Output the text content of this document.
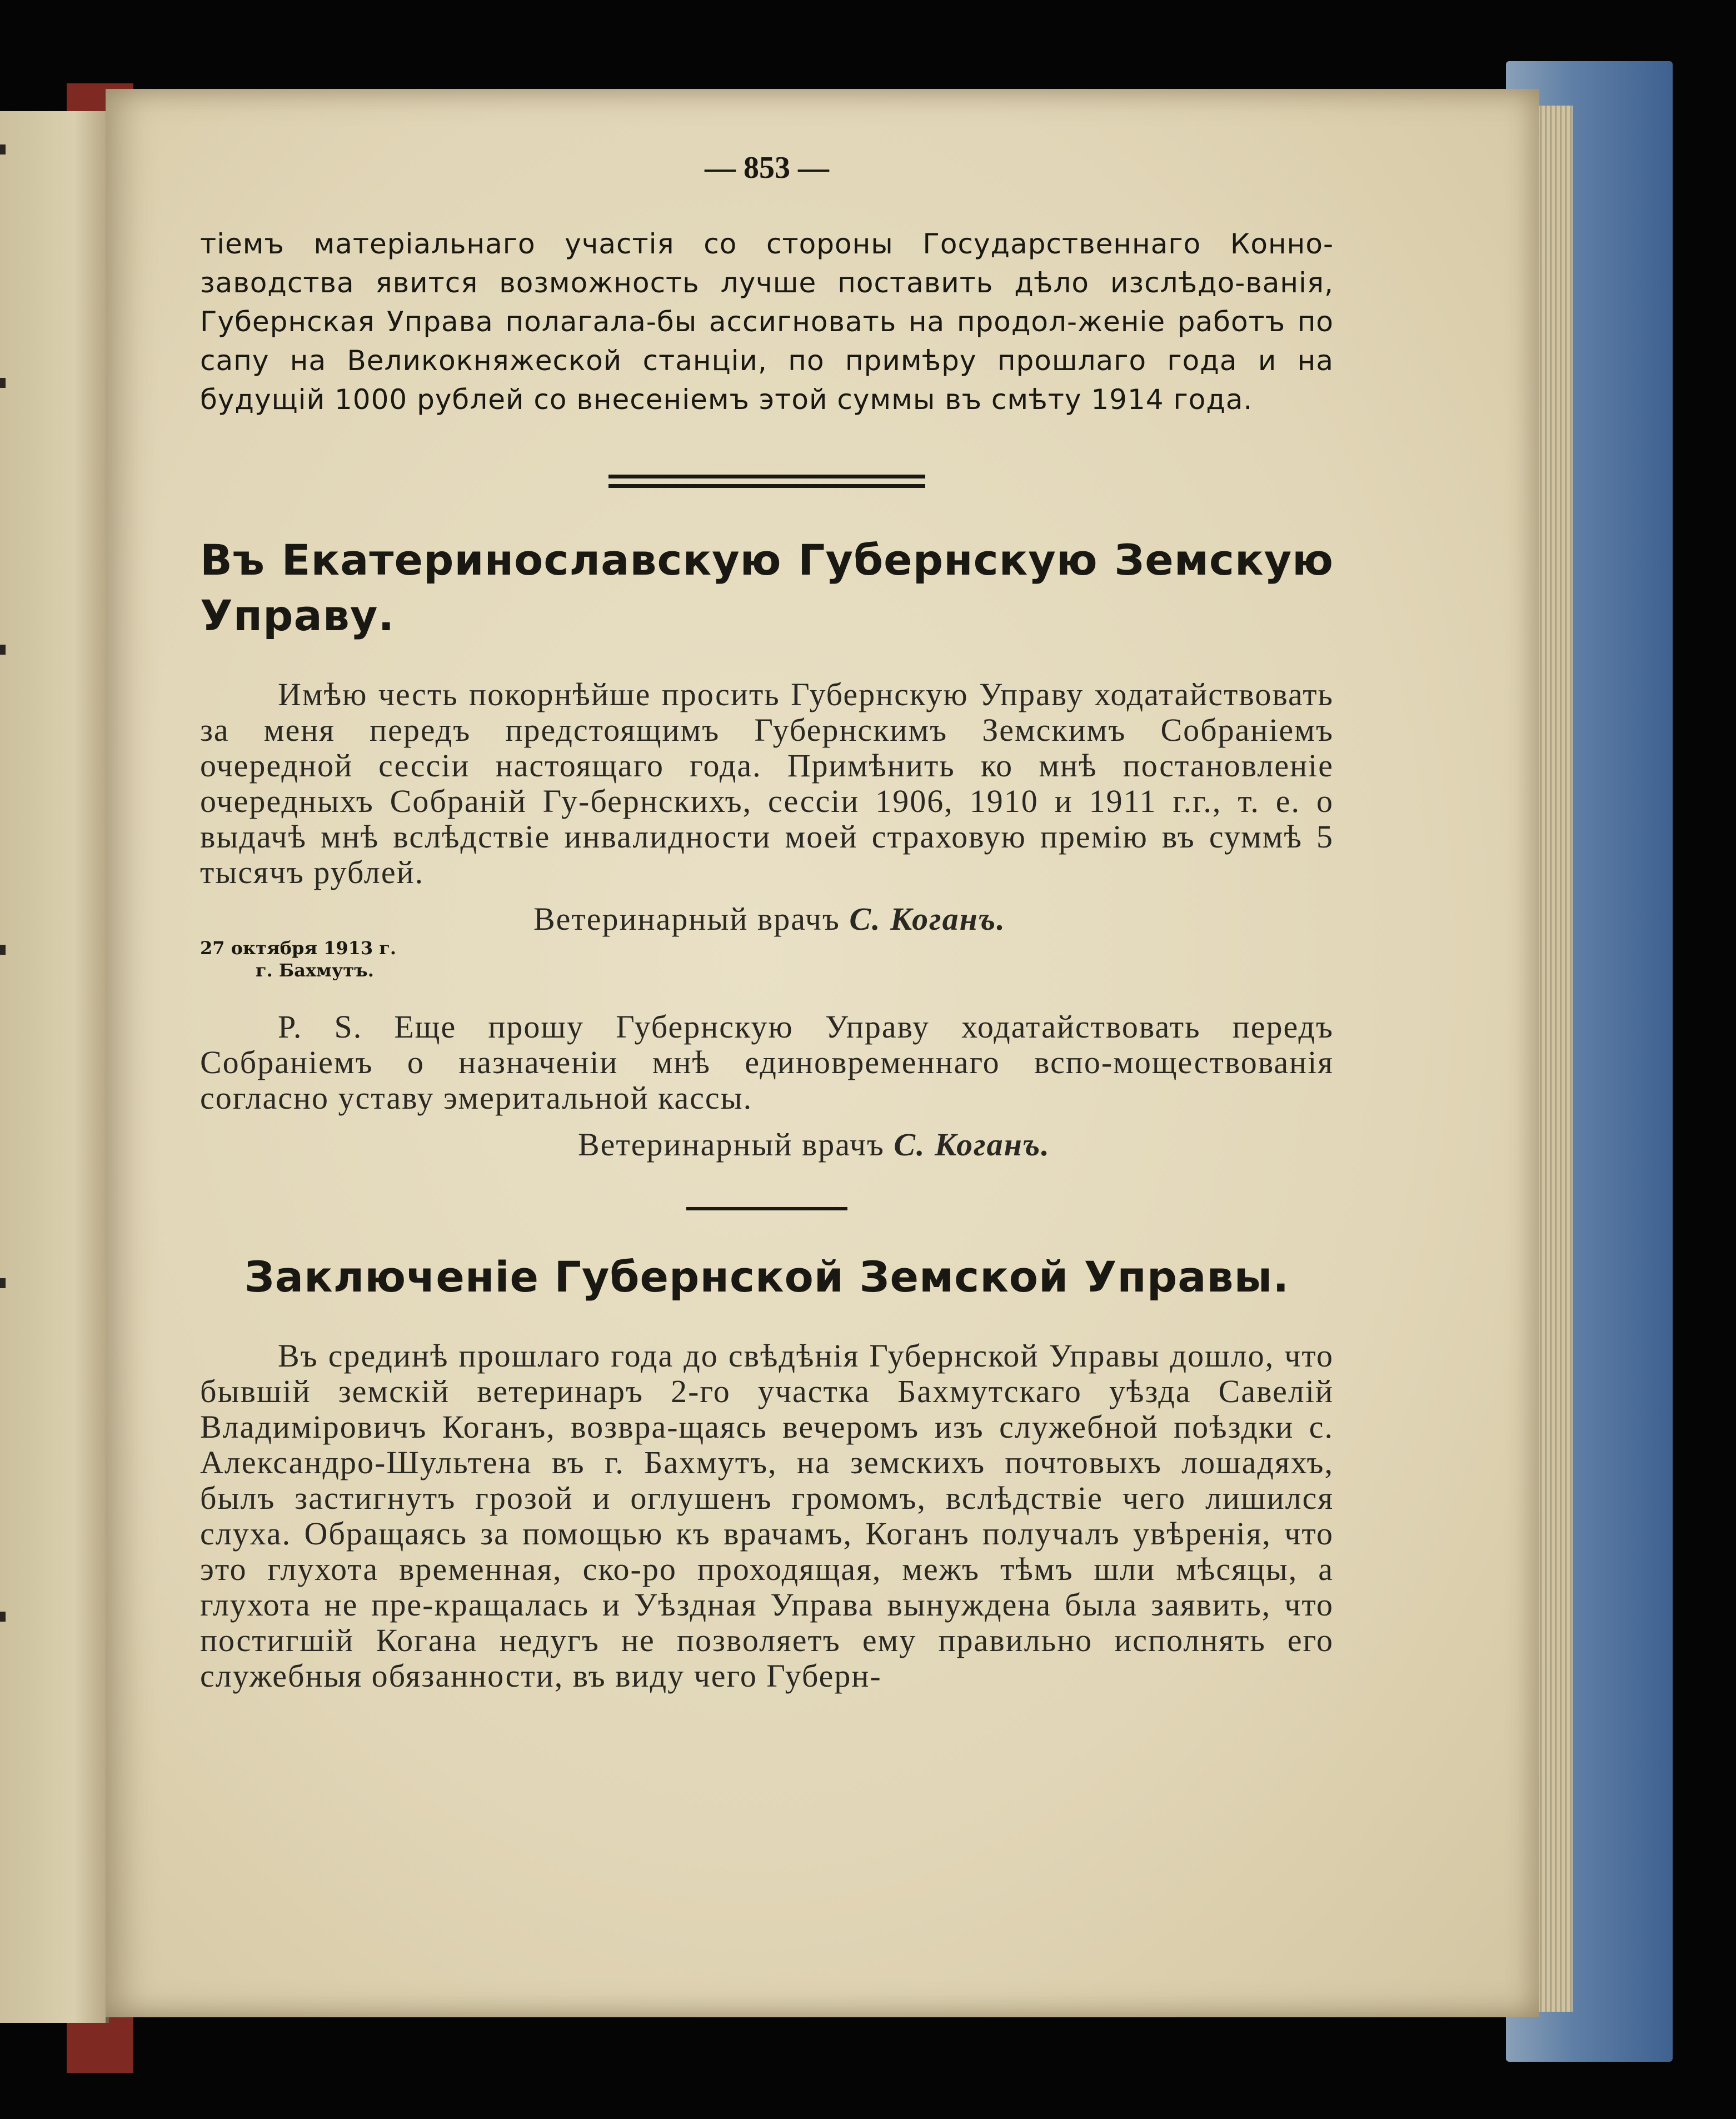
— 853 —

тіемъ матеріальнаго участія со стороны Государственнаго Конно-заводства явится возможность лучше поставить дѣло изслѣдо-ванія, Губернская Управа полагала-бы ассигновать на продол-женіе работъ по сапу на Великокняжеской станціи, по примѣру прошлаго года и на будущій 1000 рублей со внесеніемъ этой суммы въ смѣту 1914 года.

Въ Екатеринославскую Губернскую Земскую Управу.

Имѣю честь покорнѣйше просить Губернскую Управу ходатайствовать за меня передъ предстоящимъ Губернскимъ Земскимъ Собраніемъ очередной сессіи настоящаго года. Примѣнить ко мнѣ постановленіе очередныхъ Собраній Гу-бернскихъ, сессіи 1906, 1910 и 1911 г.г., т. е. о выдачѣ мнѣ вслѣдствіе инвалидности моей страховую премію въ суммѣ 5 тысячъ рублей.

Ветеринарный врачъ С. Коганъ.

27 октября 1913 г.
г. Бахмутъ.

P. S. Еще прошу Губернскую Управу ходатайствовать передъ Собраніемъ о назначеніи мнѣ единовременнаго вспо-моществованія согласно уставу эмеритальной кассы.

Ветеринарный врачъ С. Коганъ.

Заключеніе Губернской Земской Управы.

Въ срединѣ прошлаго года до свѣдѣнія Губернской Управы дошло, что бывшій земскій ветеринаръ 2-го участка Бахмутскаго уѣзда Савелій Владиміровичъ Коганъ, возвра-щаясь вечеромъ изъ служебной поѣздки с. Александро-Шультена въ г. Бахмутъ, на земскихъ почтовыхъ лошадяхъ, былъ застигнутъ грозой и оглушенъ громомъ, вслѣдствіе чего лишился слуха. Обращаясь за помощью къ врачамъ, Коганъ получалъ увѣренія, что это глухота временная, ско-ро проходящая, межъ тѣмъ шли мѣсяцы, а глухота не пре-кращалась и Уѣздная Управа вынуждена была заявить, что постигшій Когана недугъ не позволяетъ ему правильно исполнять его служебныя обязанности, въ виду чего Губерн-
